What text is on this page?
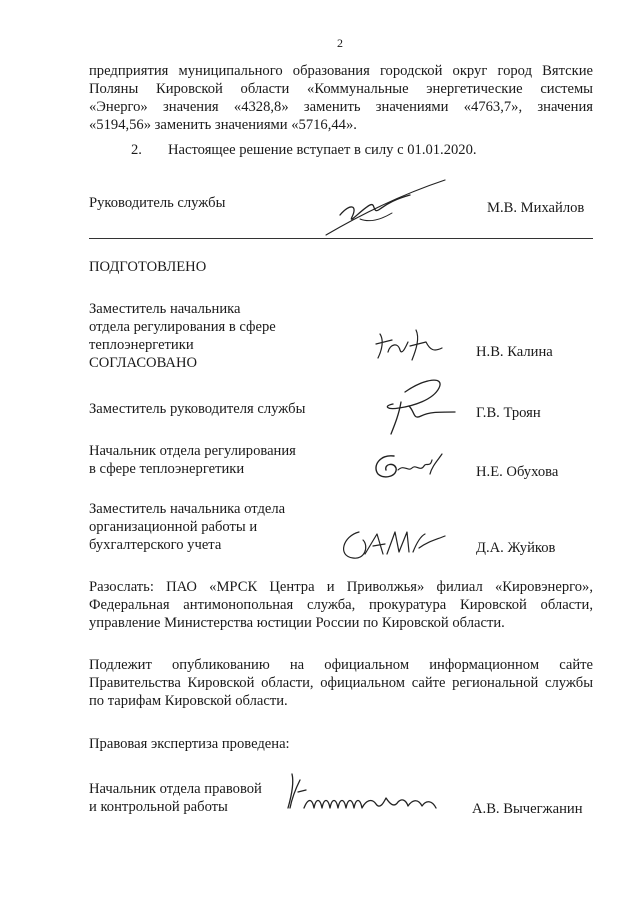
2
предприятия муниципального образования городской округ город Вятские
Поляны Кировской области «Коммунальные энергетические системы
«Энерго» значения «4328,8» заменить значениями «4763,7», значения
«5194,56» заменить значениями «5716,44».
2. Настоящее решение вступает в силу с 01.01.2020.
Руководитель службы	М.В. Михайлов
ПОДГОТОВЛЕНО
Заместитель начальника
отдела регулирования в сфере
теплоэнергетики	Н.В. Калина
СОГЛАСОВАНО
Заместитель руководителя службы	Г.В. Троян
Начальник отдела регулирования
в сфере теплоэнергетики	Н.Е. Обухова
Заместитель начальника отдела
организационной работы и
бухгалтерского учета	Д.А. Жуйков
Разослать: ПАО «МРСК Центра и Приволжья» филиал «Кировэнерго»,
Федеральная антимонопольная служба, прокуратура Кировской области,
управление Министерства юстиции России по Кировской области.
Подлежит опубликованию на официальном информационном сайте
Правительства Кировской области, официальном сайте региональной службы
по тарифам Кировской области.
Правовая экспертиза проведена:
Начальник отдела правовой
и контрольной работы	А.В. Вычегжанин
